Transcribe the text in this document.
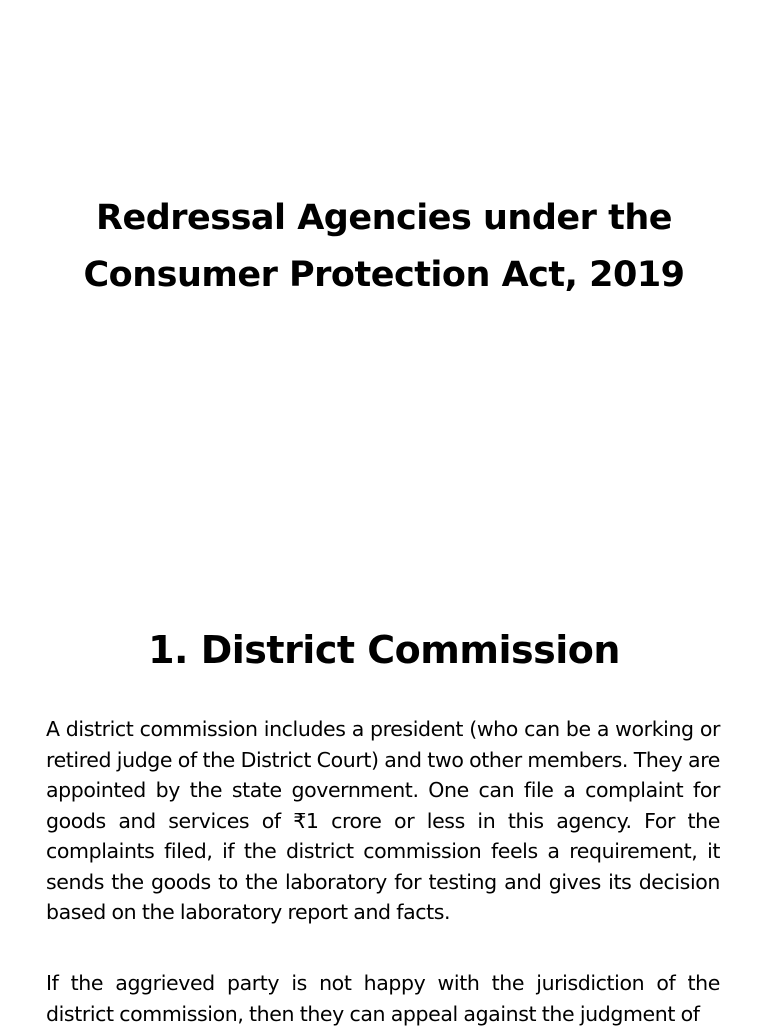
Redressal Agencies under the
Consumer Protection Act, 2019
1. District Commission

A district commission includes a president (who can be a working or retired judge of the District Court) and two other members. They are appointed by the state government. One can file a complaint for goods and services of ₹1 crore or less in this agency. For the complaints filed, if the district commission feels a requirement, it sends the goods to the laboratory for testing and gives its decision based on the laboratory report and facts.

If the aggrieved party is not happy with the jurisdiction of the district commission, then they can appeal against the judgment of
